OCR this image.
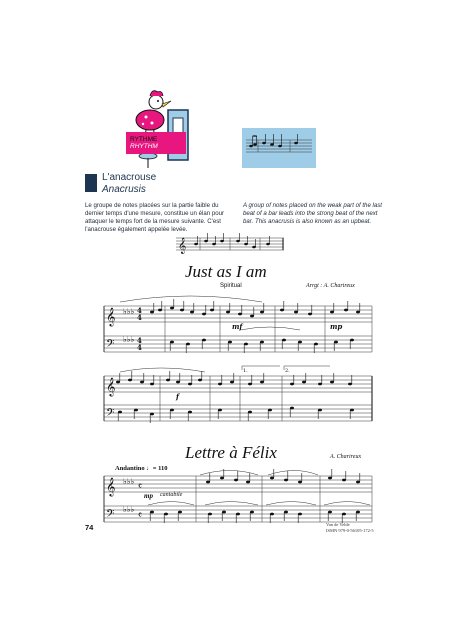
RYTHME
RHYTHM
L'anacrouse
Anacrusis
Le groupe de notes placées sur la partie faible du dernier temps d'une mesure, constitue un élan pour attaquer le temps fort de la mesure suivante. C'est l'anacrouse également appelée levée.
A group of notes placed on the weak part of the last beat of a bar leads into the strong beat of the next bar. This anacrusis is also known as an upbeat.
𝄞
Just as I am
Spiritual	Arrgt : A. Charireux
𝄞
𝄢
𝄞
𝄢
♭♭♭
♭♭♭
4
4
4
4
mf	mp
f
1.	2.
Lettre à Félix	A. Charireux
Andantino ♩= 110
mp cantabile
𝄞
𝄢
♭♭♭
♭♭♭
𝄴
𝄴
74	Van de Velde
ISMN 979-0-56105-172-5
